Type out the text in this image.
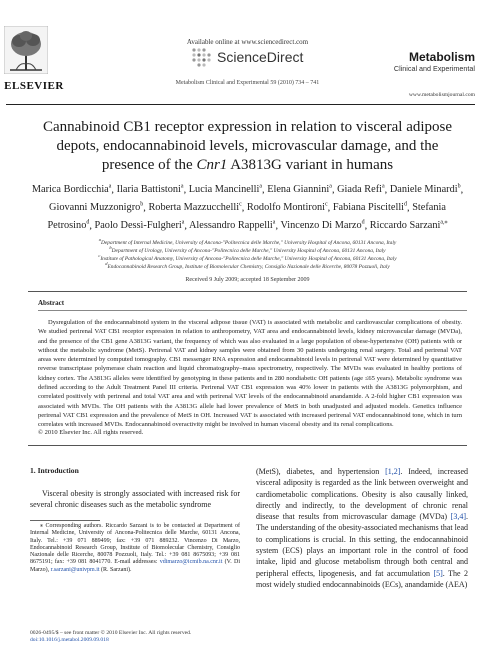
ELSEVIER
Available online at www.sciencedirect.com
ScienceDirect
Metabolism Clinical and Experimental 59 (2010) 734 – 741
Metabolism
Clinical and Experimental
www.metabolismjournal.com
Cannabinoid CB1 receptor expression in relation to visceral adipose depots, endocannabinoid levels, microvascular damage, and the presence of the Cnr1 A3813G variant in humans
Marica Bordicchia$^a$, Ilaria Battistoni$^a$, Lucia Mancinelli$^a$, Elena Giannini$^a$, Giada Refi$^a$, Daniele Minardi$^b$, Giovanni Muzzonigro$^b$, Roberta Mazzucchelli$^c$, Rodolfo Montironi$^c$, Fabiana Piscitelli$^d$, Stefania Petrosino$^d$, Paolo Dessì-Fulgheri$^a$, Alessandro Rappelli$^a$, Vincenzo Di Marzo$^d$, Riccardo Sarzani$^{a,⁎}$
$^a$Department of Internal Medicine, University of Ancona-"Politecnica delle Marche," University Hospital of Ancona, 60131 Ancona, Italy
$^b$Department of Urology, University of Ancona-"Politecnica delle Marche," University Hospital of Ancona, 60131 Ancona, Italy
$^c$Institute of Pathological Anatomy, University of Ancona-"Politecnica delle Marche," University Hospital of Ancona, 60131 Ancona, Italy
$^d$Endocannabinoid Research Group, Institute of Biomolecular Chemistry, Consiglio Nazionale delle Ricerche, 80078 Pozzuoli, Italy
Received 9 July 2009; accepted 18 September 2009
Abstract

Dysregulation of the endocannabinoid system in the visceral adipose tissue (VAT) is associated with metabolic and cardiovascular complications of obesity. We studied perirenal VAT CB1 receptor expression in relation to anthropometry, VAT area and endocannabinoid levels, kidney microvascular damage (MVDa), and the presence of the CB1 gene A3813G variant, the frequency of which was also evaluated in a large population of obese-hypertensive (OH) patients with or without the metabolic syndrome (MetS). Perirenal VAT and kidney samples were obtained from 30 patients undergoing renal surgery. Total and perirenal VAT areas were determined by computed tomography. CB1 messenger RNA expression and endocannabinoid levels in perirenal VAT were determined by quantitative reverse transcriptase polymerase chain reaction and liquid chromatography–mass spectrometry, respectively. The MVDs was evaluated in healthy portions of kidney cortex. The A3813G alleles were identified by genotyping in these patients and in 280 nondiabetic OH patients (age ≤65 years). Metabolic syndrome was defined according to the Adult Treatment Panel III criteria. Perirenal VAT CB1 expression was 40% lower in patients with the A3813G polymorphism, and correlated positively with perirenal and total VAT area and with perirenal VAT levels of the endocannabinoid anandamide. A 2-fold higher CB1 expression was associated with MVDs. The OH patients with the A3813G allele had lower prevalence of MetS in both unadjusted and adjusted models. Genetics influence perirenal VAT CB1 expression and the prevalence of MetS in OH. Increased VAT is associated with increased perirenal VAT endocannabinoid tone, which in turn correlates with increased MVDs. Endocannabinoid overactivity might be involved in human visceral obesity and its renal complications.

© 2010 Elsevier Inc. All rights reserved.
1. Introduction

Visceral obesity is strongly associated with increased risk for several chronic diseases such as the metabolic syndrome

⁎ Corresponding authors. Riccardo Sarzani is to be contacted at Department of Internal Medicine, University of Ancona-Politecnica delle Marche, 60131 Ancona, Italy. Tel.: +39 071 889499; fax: +39 071 889232. Vincenzo Di Marzo, Endocannabinoid Research Group, Institute of Biomolecular Chemistry, Consiglio Nazionale delle Ricerche, 80078 Pozzuoli, Italy. Tel.: +39 081 8675093; +39 081 8675191; fax: +39 081 8041770. E-mail addresses: vdimarzo@icmib.na.cnr.it (V. Di Marzo), r.sarzani@univpm.it (R. Sarzani).

0026-0495/$ – see front matter © 2010 Elsevier Inc. All rights reserved.
doi:10.1016/j.metabol.2009.09.018

(MetS), diabetes, and hypertension [1,2]. Indeed, increased visceral adiposity is regarded as the link between overweight and cardiometabolic complications. Obesity is also causally linked, directly and indirectly, to the development of chronic renal disease that results from microvascular damage (MVDa) [3,4]. The understanding of the obesity-associated mechanisms that lead to complications is crucial. In this setting, the endocannabinoid system (ECS) plays an important role in the control of food intake, lipid and glucose metabolism through both central and peripheral effects, lipogenesis, and fat accumulation [5]. The 2 most widely studied endocannabinoids (ECs), anandamide (AEA)
